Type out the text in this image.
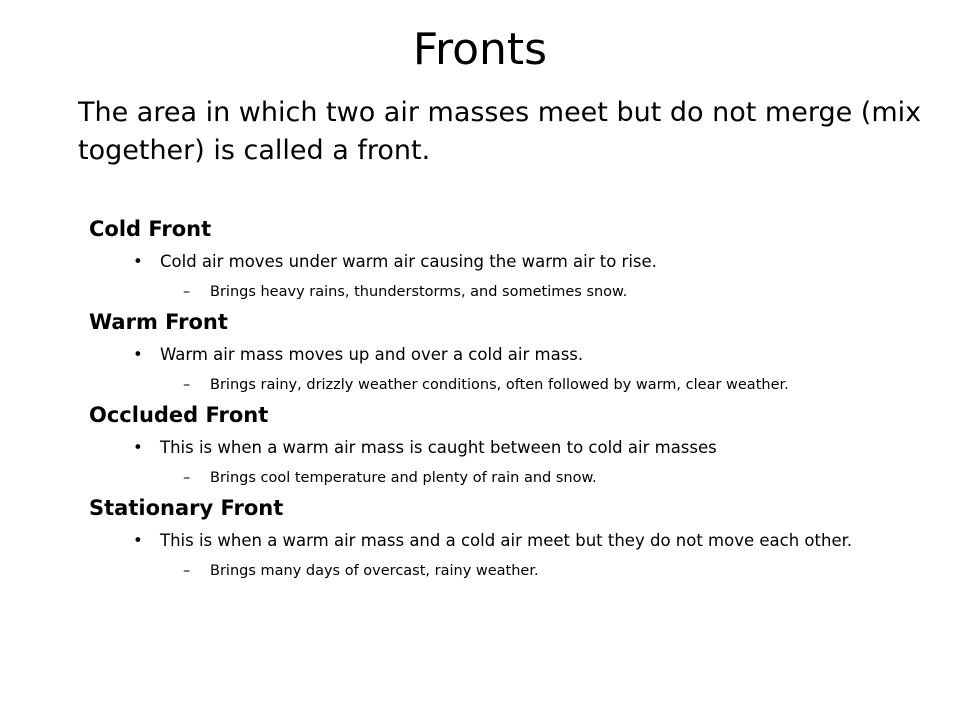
Fronts
The area in which two air masses meet but do not merge (mix together) is called a front.
Cold Front
• Cold air moves under warm air causing the warm air to rise.
– Brings heavy rains, thunderstorms, and sometimes snow.
Warm Front
• Warm air mass moves up and over a cold air mass.
– Brings rainy, drizzly weather conditions, often followed by warm, clear weather.
Occluded Front
• This is when a warm air mass is caught between to cold air masses
– Brings cool temperature and plenty of rain and snow.
Stationary Front
• This is when a warm air mass and a cold air meet but they do not move each other.
– Brings many days of overcast, rainy weather.
